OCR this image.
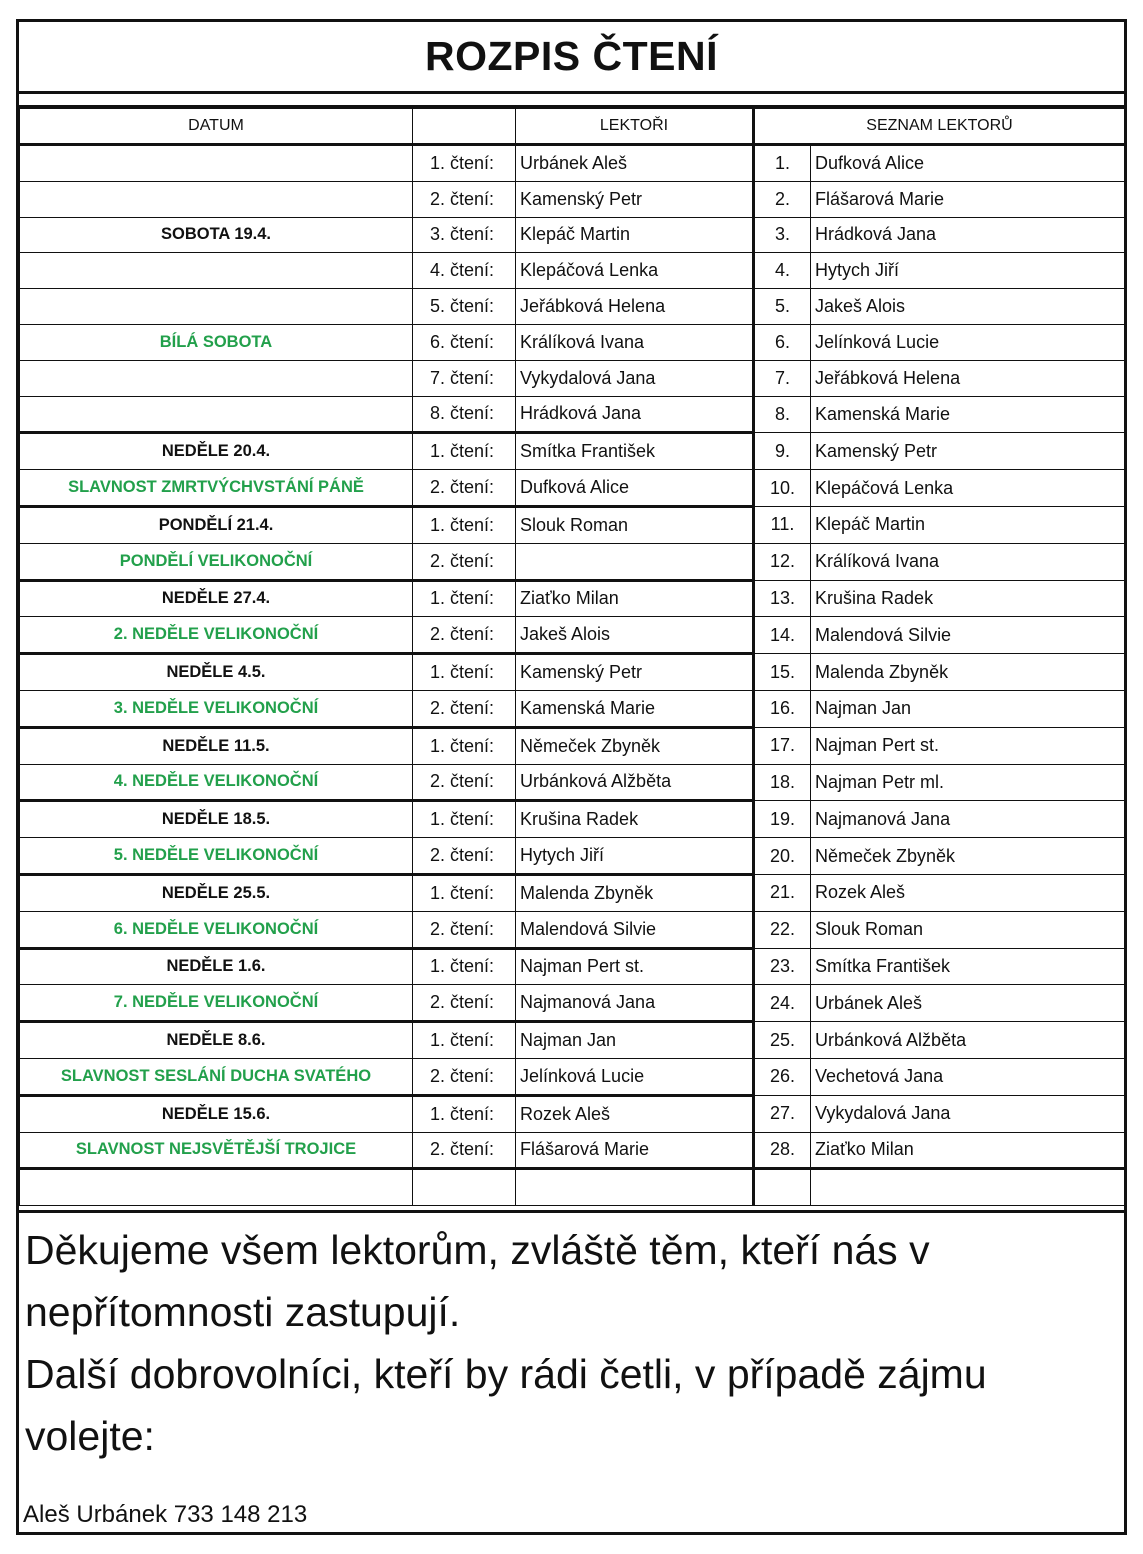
ROZPIS ČTENÍ
DATUM		LEKTOŘI	SEZNAM LEKTORŮ	
	1. čtení:	Urbánek Aleš	1.	Dufková Alice
	2. čtení:	Kamenský Petr	2.	Flášarová Marie
SOBOTA 19.4.	3. čtení:	Klepáč Martin	3.	Hrádková Jana
	4. čtení:	Klepáčová Lenka	4.	Hytych Jiří
	5. čtení:	Jeřábková Helena	5.	Jakeš Alois
BÍLÁ SOBOTA	6. čtení:	Králíková Ivana	6.	Jelínková Lucie
	7. čtení:	Vykydalová Jana	7.	Jeřábková Helena
	8. čtení:	Hrádková Jana	8.	Kamenská Marie
NEDĚLE 20.4.	1. čtení:	Smítka František	9.	Kamenský Petr
SLAVNOST ZMRTVÝCHVSTÁNÍ PÁNĚ	2. čtení:	Dufková Alice	10.	Klepáčová Lenka
PONDĚLÍ 21.4.	1. čtení:	Slouk Roman	11.	Klepáč Martin
PONDĚLÍ VELIKONOČNÍ	2. čtení:		12.	Králíková Ivana
NEDĚLE 27.4.	1. čtení:	Ziaťko Milan	13.	Krušina Radek
2. NEDĚLE VELIKONOČNÍ	2. čtení:	Jakeš Alois	14.	Malendová Silvie
NEDĚLE 4.5.	1. čtení:	Kamenský Petr	15.	Malenda Zbyněk
3. NEDĚLE VELIKONOČNÍ	2. čtení:	Kamenská Marie	16.	Najman Jan
NEDĚLE 11.5.	1. čtení:	Němeček Zbyněk	17.	Najman Pert st.
4. NEDĚLE VELIKONOČNÍ	2. čtení:	Urbánková Alžběta	18.	Najman Petr ml.
NEDĚLE 18.5.	1. čtení:	Krušina Radek	19.	Najmanová Jana
5. NEDĚLE VELIKONOČNÍ	2. čtení:	Hytych Jiří	20.	Němeček Zbyněk
NEDĚLE 25.5.	1. čtení:	Malenda Zbyněk	21.	Rozek Aleš
6. NEDĚLE VELIKONOČNÍ	2. čtení:	Malendová Silvie	22.	Slouk Roman
NEDĚLE 1.6.	1. čtení:	Najman Pert st.	23.	Smítka František
7. NEDĚLE VELIKONOČNÍ	2. čtení:	Najmanová Jana	24.	Urbánek Aleš
NEDĚLE 8.6.	1. čtení:	Najman Jan	25.	Urbánková Alžběta
SLAVNOST SESLÁNÍ DUCHA SVATÉHO	2. čtení:	Jelínková Lucie	26.	Vechetová Jana
NEDĚLE 15.6.	1. čtení:	Rozek Aleš	27.	Vykydalová Jana
SLAVNOST NEJSVĚTĚJŠÍ TROJICE	2. čtení:	Flášarová Marie	28.	Ziaťko Milan

Děkujeme všem lektorům, zvláště těm, kteří nás v nepřítomnosti zastupují.

Další dobrovolníci, kteří by rádi četli, v případě zájmu volejte:

Aleš Urbánek 733 148 213
